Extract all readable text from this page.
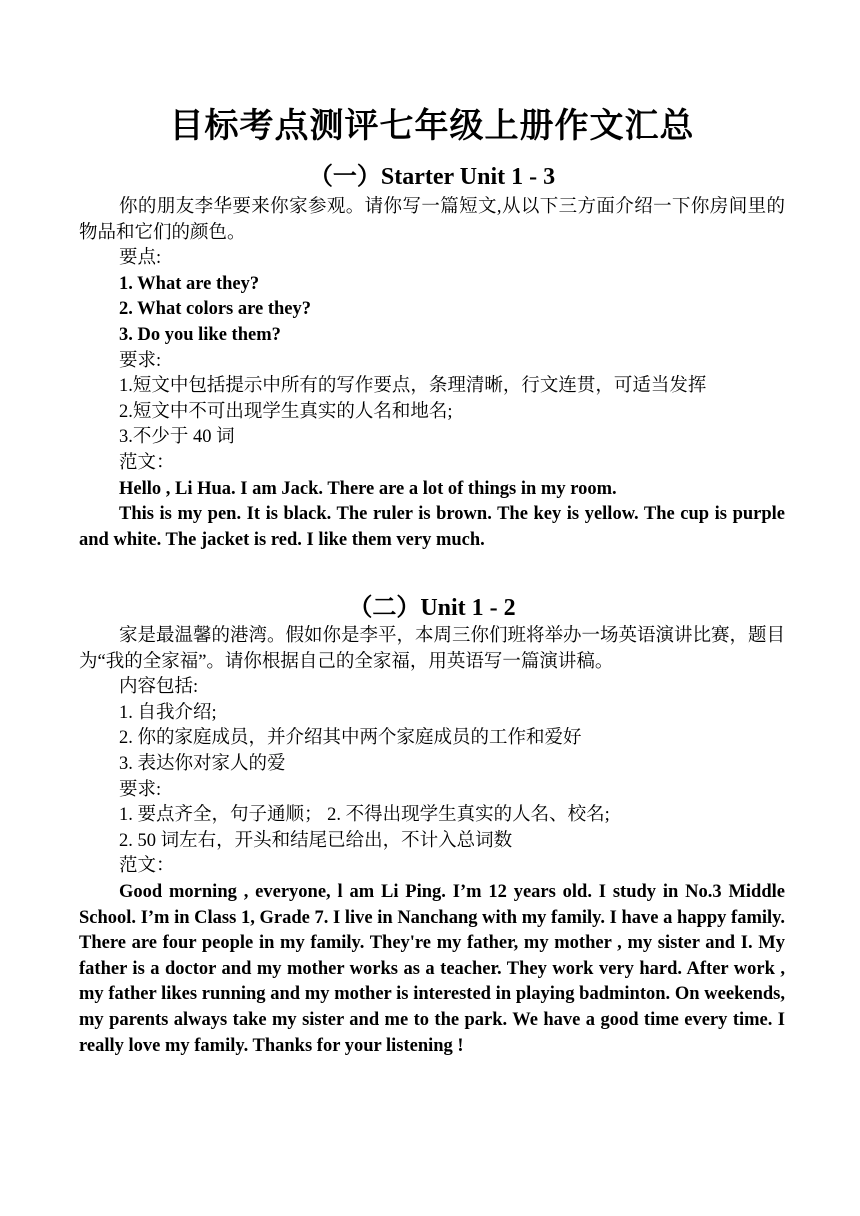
目标考点测评七年级上册作文汇总
（一）Starter Unit 1 - 3

你的朋友李华要来你家参观。请你写一篇短文,从以下三方面介绍一下你房间里的物品和它们的颜色。

要点:

1. What are they?

2. What colors are they?

3. Do you like them?

要求:

1.短文中包括提示中所有的写作要点，条理清晰，行文连贯，可适当发挥

2.短文中不可出现学生真实的人名和地名;

3.不少于 40 词

范文：

Hello , Li Hua. I am Jack. There are a lot of things in my room.

This is my pen. It is black. The ruler is brown. The key is yellow. The cup is purple and white. The jacket is red. I like them very much.

（二）Unit 1 - 2

家是最温馨的港湾。假如你是李平，本周三你们班将举办一场英语演讲比赛，题目为“我的全家福”。请你根据自己的全家福，用英语写一篇演讲稿。

内容包括:

1. 自我介绍;

2. 你的家庭成员，并介绍其中两个家庭成员的工作和爱好

3. 表达你对家人的爱

要求:

1. 要点齐全，句子通顺； 2. 不得出现学生真实的人名、校名;

2. 50 词左右，开头和结尾已给出，不计入总词数

范文：

Good morning , everyone, l am Li Ping. I’m 12 years old. I study in No.3 Middle School. I’m in Class 1, Grade 7. I live in Nanchang with my family. I have a happy family. There are four people in my family. They're my father, my mother , my sister and I. My father is a doctor and my mother works as a teacher. They work very hard. After work , my father likes running and my mother is interested in playing badminton. On weekends, my parents always take my sister and me to the park. We have a good time every time. I really love my family. Thanks for your listening !
